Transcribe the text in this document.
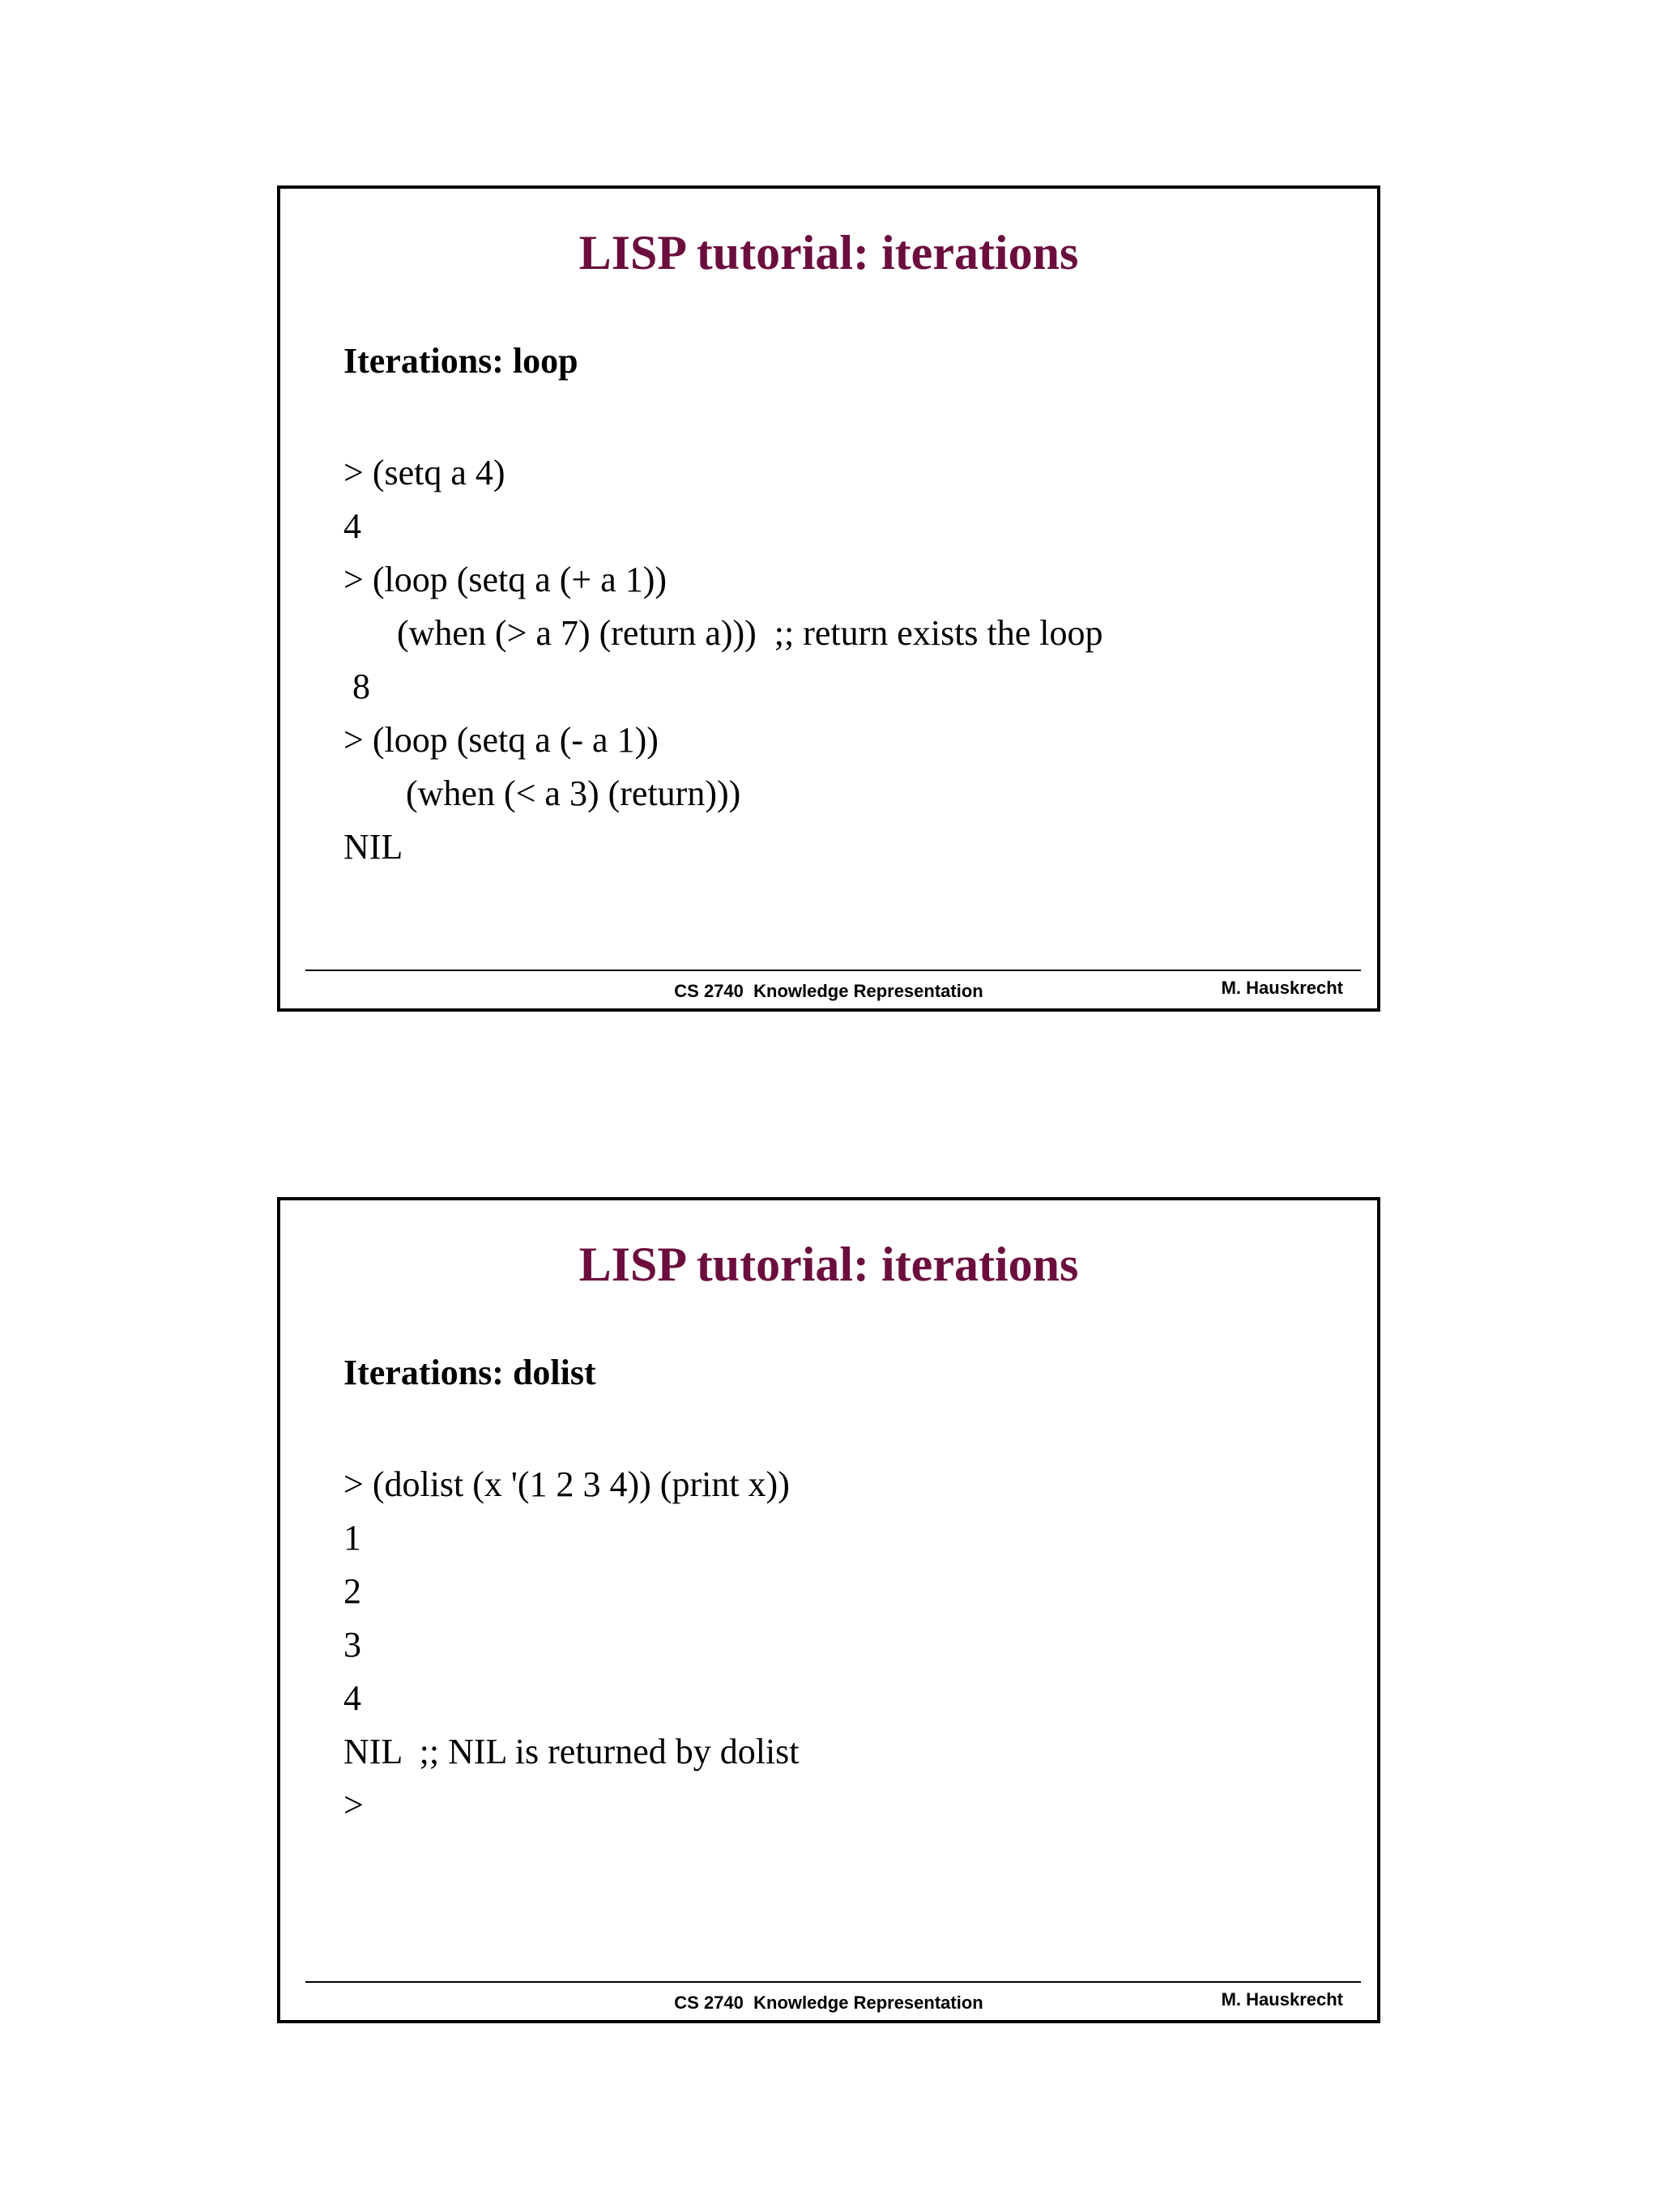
LISP tutorial: iterations
Iterations: loop
> (setq a 4)
4
> (loop (setq a (+ a 1))
(when (> a 7) (return a)))  ;; return exists the loop
8
> (loop (setq a (- a 1))
(when (< a 3) (return)))
NIL
CS 2740  Knowledge Representation	M. Hauskrecht
LISP tutorial: iterations
Iterations: dolist
> (dolist (x '(1 2 3 4)) (print x))
1
2
3
4
NIL  ;; NIL is returned by dolist
>
CS 2740  Knowledge Representation	M. Hauskrecht
